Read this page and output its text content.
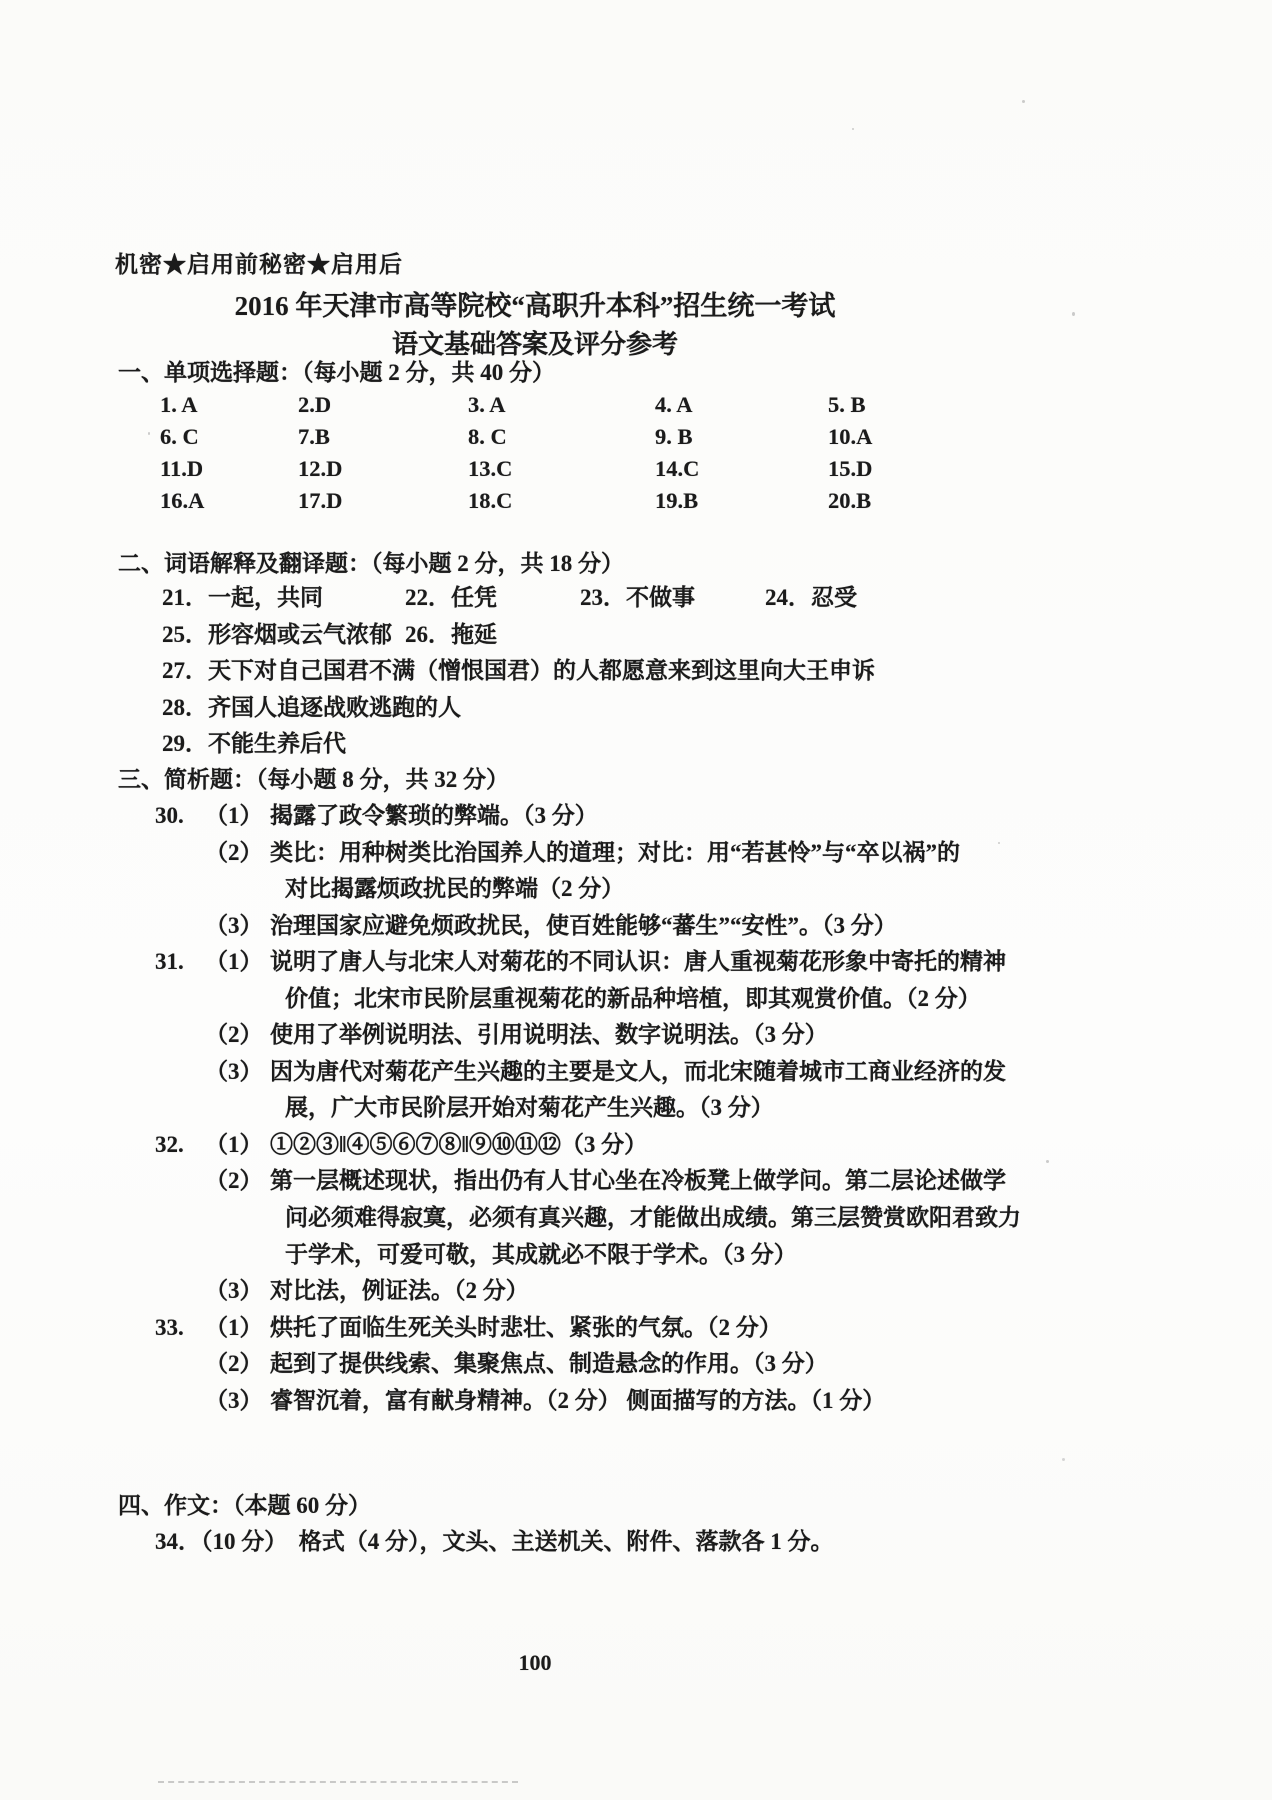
机密★启用前秘密★启用后
2016 年天津市高等院校“高职升本科”招生统一考试
语文基础答案及评分参考
一、单项选择题：（每小题 2 分，共 40 分）
1. A	2.D	3. A	4. A	5. B
6. C	7.B	8. C	9. B	10.A
11.D	12.D	13.C	14.C	15.D
16.A	17.D	18.C	19.B	20.B
二、词语解释及翻译题：（每小题 2 分，共 18 分）
21．一起，共同	22．任凭	23．不做事	24．忍受
25．形容烟或云气浓郁 26．拖延
27．天下对自己国君不满（憎恨国君）的人都愿意来到这里向大王申诉
28．齐国人追逐战败逃跑的人
29．不能生养后代
三、简析题：（每小题 8 分，共 32 分）
30. （1） 揭露了政令繁琐的弊端。（3 分）
（2） 类比：用种树类比治国养人的道理；对比：用“若甚怜”与“卒以祸”的
对比揭露烦政扰民的弊端（2 分）
（3） 治理国家应避免烦政扰民，使百姓能够“蕃生”“安性”。（3 分）
31. （1） 说明了唐人与北宋人对菊花的不同认识：唐人重视菊花形象中寄托的精神
价值；北宋市民阶层重视菊花的新品种培植，即其观赏价值。（2 分）
（2） 使用了举例说明法、引用说明法、数字说明法。（3 分）
（3） 因为唐代对菊花产生兴趣的主要是文人，而北宋随着城市工商业经济的发
展，广大市民阶层开始对菊花产生兴趣。（3 分）
32. （1） ①②③‖④⑤⑥⑦⑧‖⑨⑩⑪⑫（3 分）
（2） 第一层概述现状，指出仍有人甘心坐在冷板凳上做学问。第二层论述做学
问必须难得寂寞，必须有真兴趣，才能做出成绩。第三层赞赏欧阳君致力
于学术，可爱可敬，其成就必不限于学术。（3 分）
（3） 对比法，例证法。（2 分）
33. （1） 烘托了面临生死关头时悲壮、紧张的气氛。（2 分）
（2） 起到了提供线索、集聚焦点、制造悬念的作用。（3 分）
（3） 睿智沉着，富有献身精神。（2 分） 侧面描写的方法。（1 分）
四、作文：（本题 60 分）
34．（10 分）　格式（4 分），文头、主送机关、附件、落款各 1 分。
100
